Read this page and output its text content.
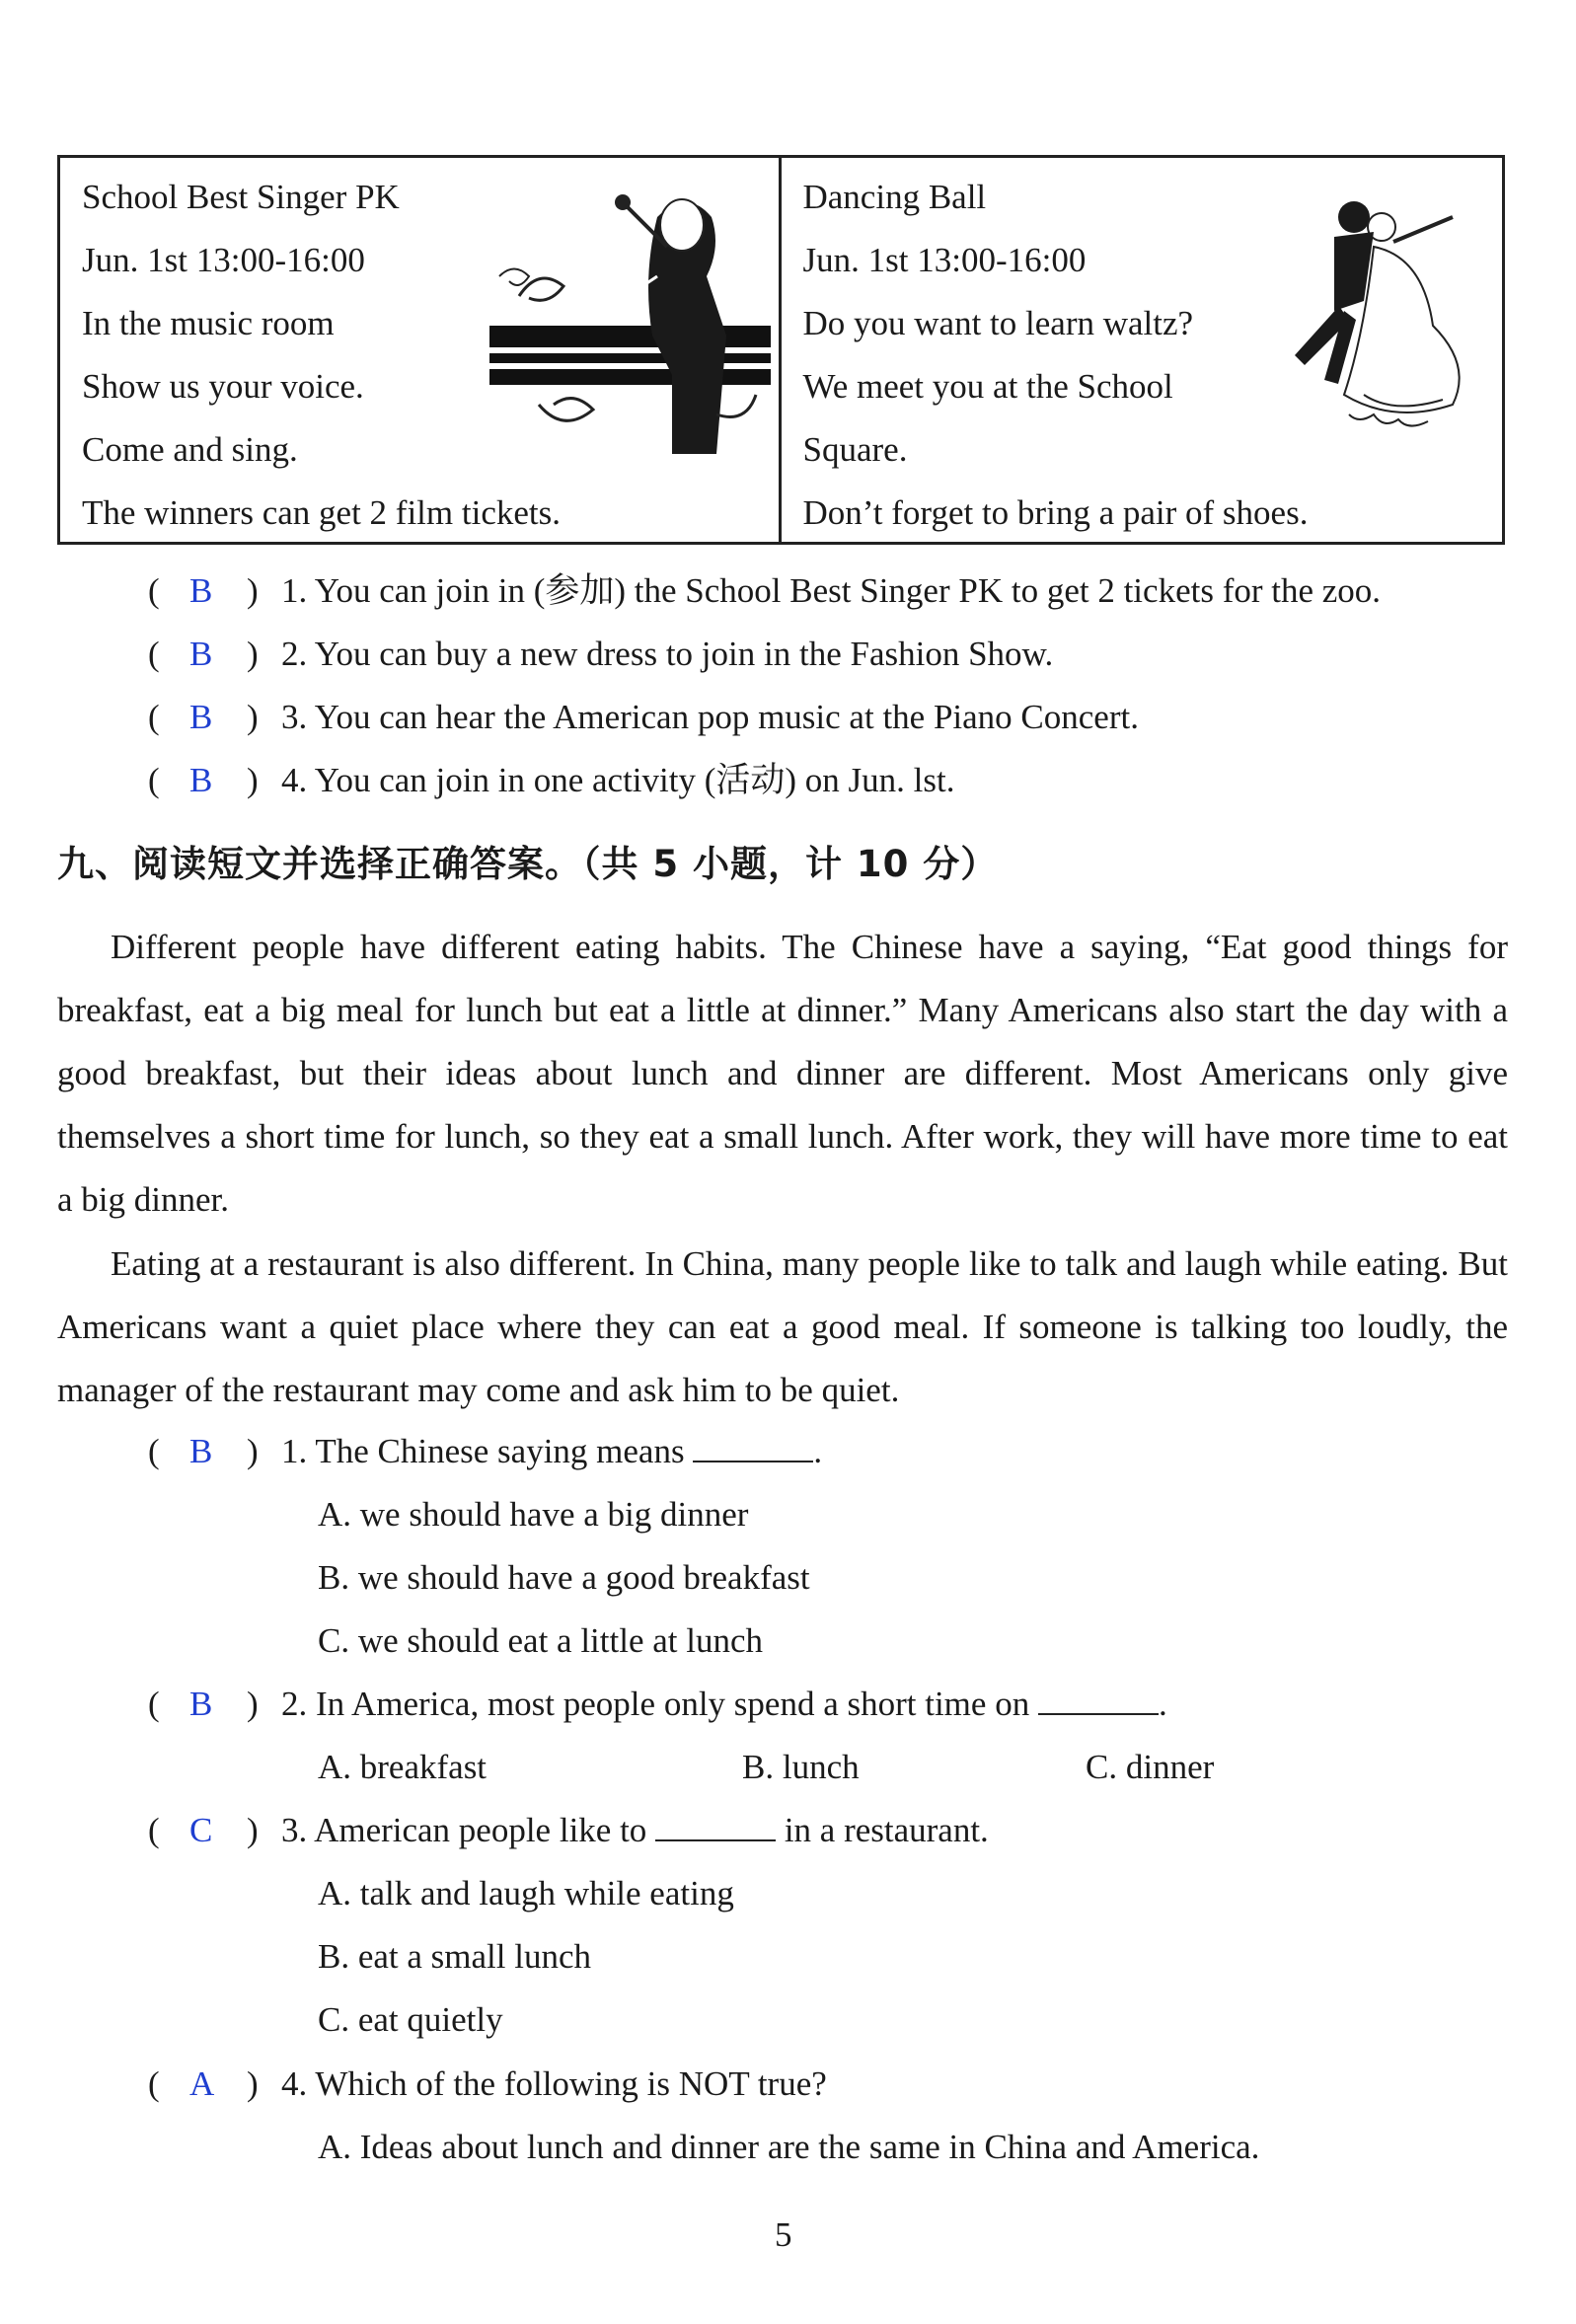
School Best Singer PK
Jun. 1st 13:00-16:00
In the music room
Show us your voice.
Come and sing.
The winners can get 2 film tickets.
Dancing Ball
Jun. 1st 13:00-16:00
Do you want to learn waltz?
We meet you at the School
Square.
Don’t forget to bring a pair of shoes.
( B ) 1. You can join in (参加) the School Best Singer PK to get 2 tickets for the zoo.
( B ) 2. You can buy a new dress to join in the Fashion Show.
( B ) 3. You can hear the American pop music at the Piano Concert.
( B ) 4. You can join in one activity (活动) on Jun. lst.
九、阅读短文并选择正确答案。（共 5 小题，计 10 分）

Different people have different eating habits. The Chinese have a saying, “Eat good things for breakfast, eat a big meal for lunch but eat a little at dinner.” Many Americans also start the day with a good breakfast, but their ideas about lunch and dinner are different. Most Americans only give themselves a short time for lunch, so they eat a small lunch. After work, they will have more time to eat a big dinner.

Eating at a restaurant is also different. In China, many people like to talk and laugh while eating. But Americans want a quiet place where they can eat a good meal. If someone is talking too loudly, the manager of the restaurant may come and ask him to be quiet.

( B ) 1. The Chinese saying means	.
A. we should have a big dinner
B. we should have a good breakfast
C. we should eat a little at lunch
( B ) 2. In America, most people only spend a short time on	.
A. breakfast	B. lunch	C. dinner
( C ) 3. American people like to	in a restaurant.
A. talk and laugh while eating
B. eat a small lunch
C. eat quietly
( A ) 4. Which of the following is NOT true?
A. Ideas about lunch and dinner are the same in China and America.
5
